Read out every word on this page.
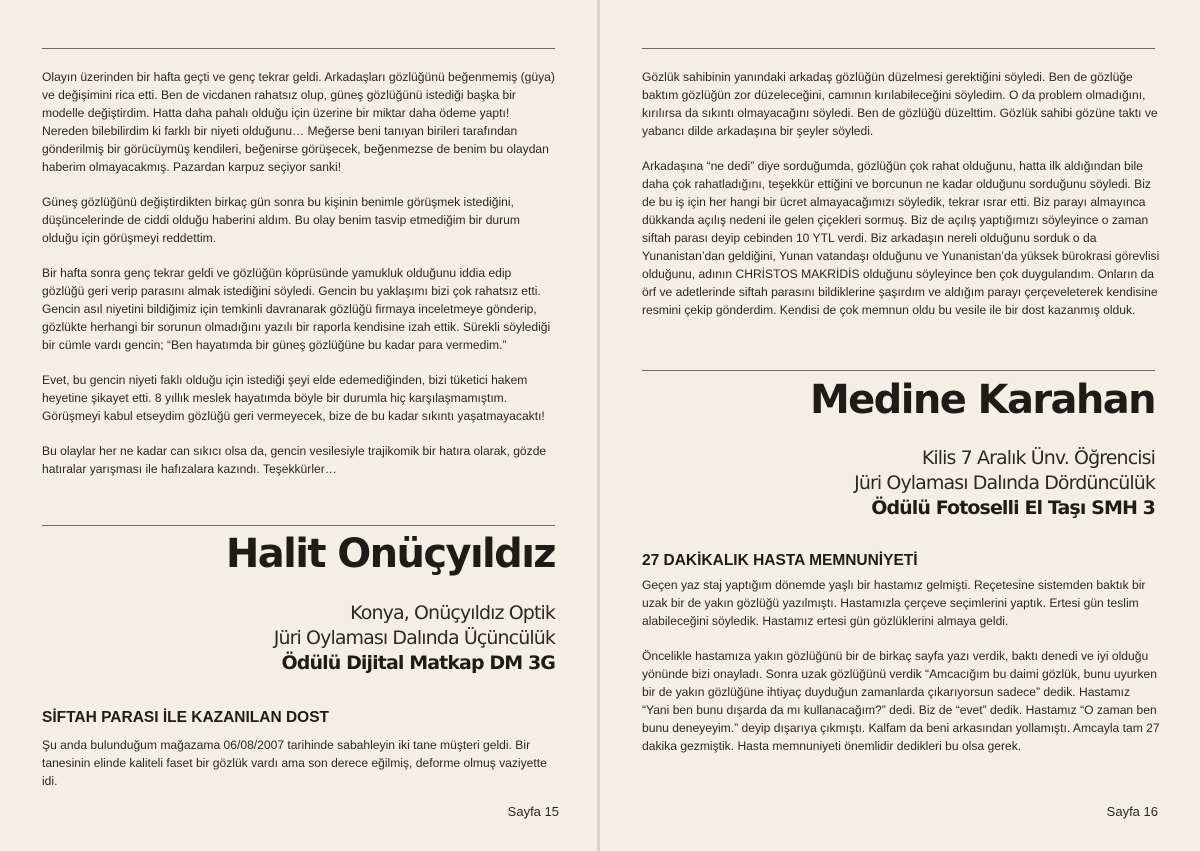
Olayın üzerinden bir hafta geçti ve genç tekrar geldi. Arkadaşları gözlüğünü beğenmemiş (güya) ve değişimini rica etti. Ben de vicdanen rahatsız olup, güneş gözlüğünü istediği başka bir modelle değiştirdim. Hatta daha pahalı olduğu için üzerine bir miktar daha ödeme yaptı! Nereden bilebilirdim ki farklı bir niyeti olduğunu… Meğerse beni tanıyan birileri tarafından gönderilmiş bir görücüymüş kendileri, beğenirse görüşecek, beğenmezse de benim bu olaydan haberim olmayacakmış. Pazardan karpuz seçiyor sanki!

Güneş gözlüğünü değiştirdikten birkaç gün sonra bu kişinin benimle görüşmek istediğini, düşüncelerinde de ciddi olduğu haberini aldım. Bu olay benim tasvip etmediğim bir durum olduğu için görüşmeyi reddettim.

Bir hafta sonra genç tekrar geldi ve gözlüğün köprüsünde yamukluk olduğunu iddia edip gözlüğü geri verip parasını almak istediğini söyledi. Gencin bu yaklaşımı bizi çok rahatsız etti. Gencin asıl niyetini bildiğimiz için temkinli davranarak gözlüğü firmaya inceletmeye gönderip, gözlükte herhangi bir sorunun olmadığını yazılı bir raporla kendisine izah ettik. Sürekli söylediği bir cümle vardı gencin; “Ben hayatımda bir güneş gözlüğüne bu kadar para vermedim.”

Evet, bu gencin niyeti faklı olduğu için istediği şeyi elde edemediğinden, bizi tüketici hakem heyetine şikayet etti. 8 yıllık meslek hayatımda böyle bir durumla hiç karşılaşmamıştım. Görüşmeyi kabul etseydim gözlüğü geri vermeyecek, bize de bu kadar sıkıntı yaşatmayacaktı!

Bu olaylar her ne kadar can sıkıcı olsa da, gencin vesilesiyle trajikomik bir hatıra olarak, gözde hatıralar yarışması ile hafızalara kazındı. Teşekkürler…

Halit Onüçyıldız
Konya, Onüçyıldız Optik
Jüri Oylaması Dalında Üçüncülük
Ödülü Dijital Matkap DM 3G
SİFTAH PARASI İLE KAZANILAN DOST

Şu anda bulunduğum mağazama 06/08/2007 tarihinde sabahleyin iki tane müşteri geldi. Bir tanesinin elinde kaliteli faset bir gözlük vardı ama son derece eğilmiş, deforme olmuş vaziyette idi.

Sayfa 15

Gözlük sahibinin yanındaki arkadaş gözlüğün düzelmesi gerektiğini söyledi. Ben de gözlüğe baktım gözlüğün zor düzeleceğini, camının kırılabileceğini söyledim. O da problem olmadığını, kırılırsa da sıkıntı olmayacağını söyledi. Ben de gözlüğü düzelttim. Gözlük sahibi gözüne taktı ve yabancı dilde arkadaşına bir şeyler söyledi.

Arkadaşına “ne dedi” diye sorduğumda, gözlüğün çok rahat olduğunu, hatta ilk aldığından bile daha çok rahatladığını, teşekkür ettiğini ve borcunun ne kadar olduğunu sorduğunu söyledi. Biz de bu iş için her hangi bir ücret almayacağımızı söyledik, tekrar ısrar etti. Biz parayı almayınca dükkanda açılış nedeni ile gelen çiçekleri sormuş. Biz de açılış yaptığımızı söyleyince o zaman siftah parası deyip cebinden 10 YTL verdi. Biz arkadaşın nereli olduğunu sorduk o da Yunanistan’dan geldiğini, Yunan vatandaşı olduğunu ve Yunanistan’da yüksek bürokrasi görevlisi olduğunu, adının CHRİSTOS MAKRİDİS olduğunu söyleyince ben çok duygulandım. Onların da örf ve adetlerinde siftah parasını bildiklerine şaşırdım ve aldığım parayı çerçeveleterek kendisine resmini çekip gönderdim. Kendisi de çok memnun oldu bu vesile ile bir dost kazanmış olduk.

Medine Karahan
Kilis 7 Aralık Ünv. Öğrencisi
Jüri Oylaması Dalında Dördüncülük
Ödülü Fotoselli El Taşı SMH 3
27 DAKİKALIK HASTA MEMNUNİYETİ

Geçen yaz staj yaptığım dönemde yaşlı bir hastamız gelmişti. Reçetesine sistemden baktık bir uzak bir de yakın gözlüğü yazılmıştı. Hastamızla çerçeve seçimlerini yaptık. Ertesi gün teslim alabileceğini söyledik. Hastamız ertesi gün gözlüklerini almaya geldi.

Öncelikle hastamıza yakın gözlüğünü bir de birkaç sayfa yazı verdik, baktı denedi ve iyi olduğu yönünde bizi onayladı. Sonra uzak gözlüğünü verdik “Amcacığım bu daimi gözlük, bunu uyurken bir de yakın gözlüğüne ihtiyaç duyduğun zamanlarda çıkarıyorsun sadece” dedik. Hastamız “Yani ben bunu dışarda da mı kullanacağım?” dedi. Biz de “evet” dedik. Hastamız “O zaman ben bunu deneyeyim.” deyip dışarıya çıkmıştı. Kalfam da beni arkasından yollamıştı. Amcayla tam 27 dakika gezmiştik. Hasta memnuniyeti önemlidir dedikleri bu olsa gerek.

Sayfa 16
